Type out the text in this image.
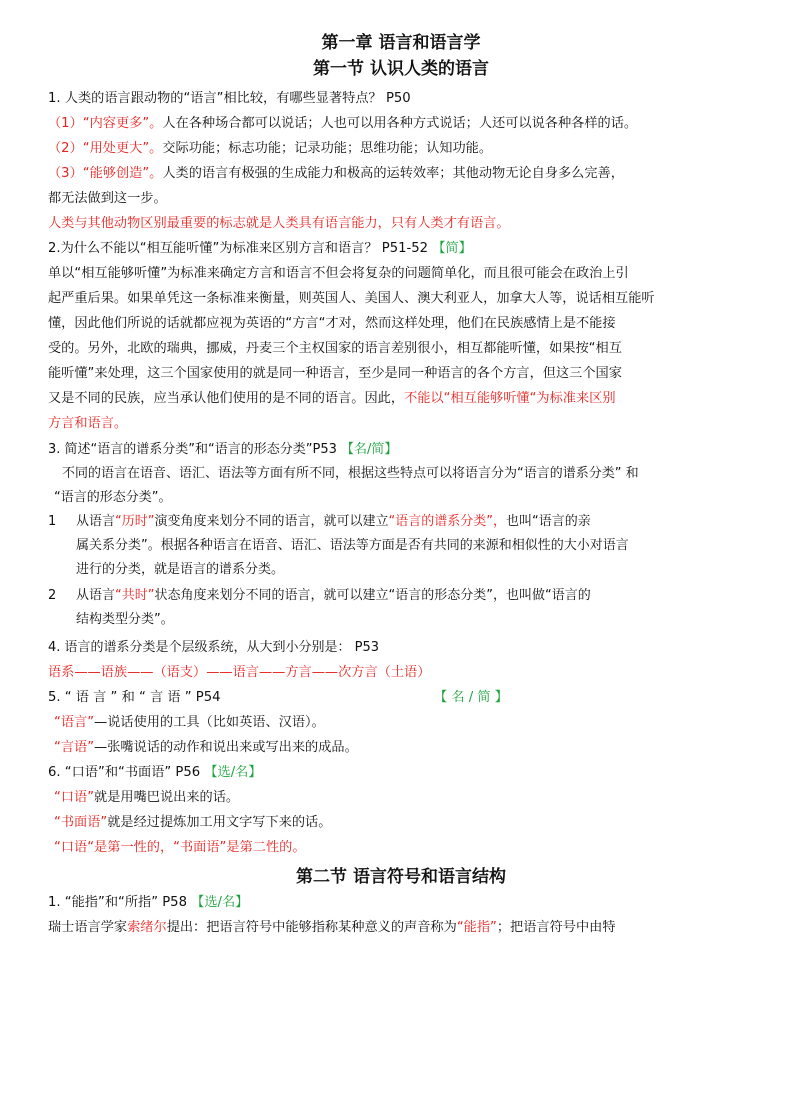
第一章 语言和语言学
第一节 认识人类的语言

1. 人类的语言跟动物的“语言”相比较，有哪些显著特点？ P50

（1）“内容更多”。人在各种场合都可以说话；人也可以用各种方式说话；人还可以说各种各样的话。

（2）“用处更大”。交际功能；标志功能；记录功能；思维功能；认知功能。

（3）“能够创造”。人类的语言有极强的生成能力和极高的运转效率；其他动物无论自身多么完善，

都无法做到这一步。

人类与其他动物区别最重要的标志就是人类具有语言能力，只有人类才有语言。

2.为什么不能以“相互能听懂”为标准来区别方言和语言？ P51-52 【简】

单以“相互能够听懂”为标准来确定方言和语言不但会将复杂的问题简单化，而且很可能会在政治上引

起严重后果。如果单凭这一条标准来衡量，则英国人、美国人、澳大利亚人，加拿大人等，说话相互能听

懂，因此他们所说的话就都应视为英语的“方言“才对，然而这样处理，他们在民族感情上是不能接

受的。另外，北欧的瑞典，挪威，丹麦三个主权国家的语言差别很小，相互都能听懂，如果按“相互

能听懂”来处理，这三个国家使用的就是同一种语言，至少是同一种语言的各个方言，但这三个国家

又是不同的民族，应当承认他们使用的是不同的语言。因此，不能以“相互能够听懂“为标准来区别

方言和语言。

3. 简述“语言的谱系分类”和“语言的形态分类”P53 【名/简】

不同的语言在语音、语汇、语法等方面有所不同，根据这些特点可以将语言分为“语言的谱系分类” 和

“语言的形态分类”。

1	从语言“历时”演变角度来划分不同的语言，就可以建立“语言的谱系分类”，也叫“语言的亲
属关系分类”。根据各种语言在语音、语汇、语法等方面是否有共同的来源和相似性的大小对语言
进行的分类，就是语言的谱系分类。
2	从语言“共时”状态角度来划分不同的语言，就可以建立“语言的形态分类”，也叫做“语言的
结构类型分类”。

4. 语言的谱系分类是个层级系统，从大到小分别是： P53

语系——语族——（语支）——语言——方言——次方言（土语）

5. “ 语 言 ” 和 “ 言 语 ” P54	【 名 / 简 】

“语言”—说话使用的工具（比如英语、汉语）。

“言语”—张嘴说话的动作和说出来或写出来的成品。

6. “口语”和“书面语” P56 【选/名】

“口语”就是用嘴巴说出来的话。

“书面语”就是经过提炼加工用文字写下来的话。

“口语“是第一性的，“书面语”是第二性的。

第二节 语言符号和语言结构

1. “能指”和“所指” P58 【选/名】

瑞士语言学家索绪尔提出：把语言符号中能够指称某种意义的声音称为“能指”；把语言符号中由特
